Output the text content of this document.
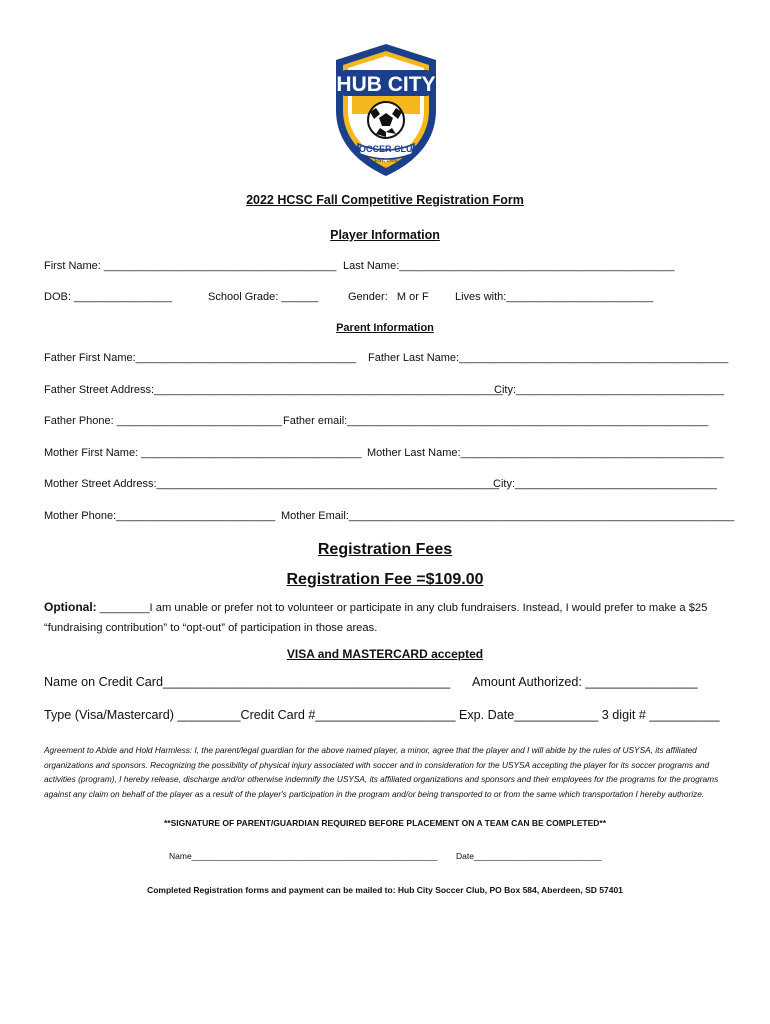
HUB CITY
SOCCER CLUB
EST. 1986
2022 HCSC Fall Competitive Registration Form
Player Information
First Name: ______________________________________ Last Name:_____________________________________________
DOB: ________________	School Grade: ______	Gender:   M or F Lives with:________________________
Parent Information
Father First Name:____________________________________ Father Last Name:____________________________________________
Father Street Address:_________________________________________________________
City:__________________________________
Father Phone: ___________________________ Father email:___________________________________________________________
Mother First Name: ____________________________________ Mother Last Name:___________________________________________
Mother Street Address:________________________________________________________
City:_________________________________
Mother Phone:__________________________ Mother Email:_______________________________________________________________
Registration Fees
Registration Fee =$109.00
Optional: ________I am unable or prefer not to volunteer or participate in any club fundraisers. Instead, I would prefer to make a $25 “fundraising contribution” to “opt-out” of participation in those areas.
VISA and MASTERCARD accepted
Name on Credit Card_________________________________________ Amount Authorized: ________________
Type (Visa/Mastercard) _________Credit Card #____________________ Exp. Date____________ 3 digit # __________
Agreement to Abide and Hold Harmless: I, the parent/legal guardian for the above named player, a minor, agree that the player and I will abide by the rules of USYSA, its affiliated organizations and sponsors. Recognizing the possibility of physical injury associated with soccer and in consideration for the USYSA accepting the player for its soccer programs and activities (program), I hereby release, discharge and/or otherwise indemnify the USYSA, its affiliated organizations and sponsors and their employees for the programs for the programs against any claim on behalf of the player as a result of the player's participation in the program and/or being transported to or from the same which transportation I hereby authorize.
**SIGNATURE OF PARENT/GUARDIAN REQUIRED BEFORE PLACEMENT ON A TEAM CAN BE COMPLETED**
Name____________________________________________________ Date___________________________
Completed Registration forms and payment can be mailed to: Hub City Soccer Club, PO Box 584, Aberdeen, SD 57401
